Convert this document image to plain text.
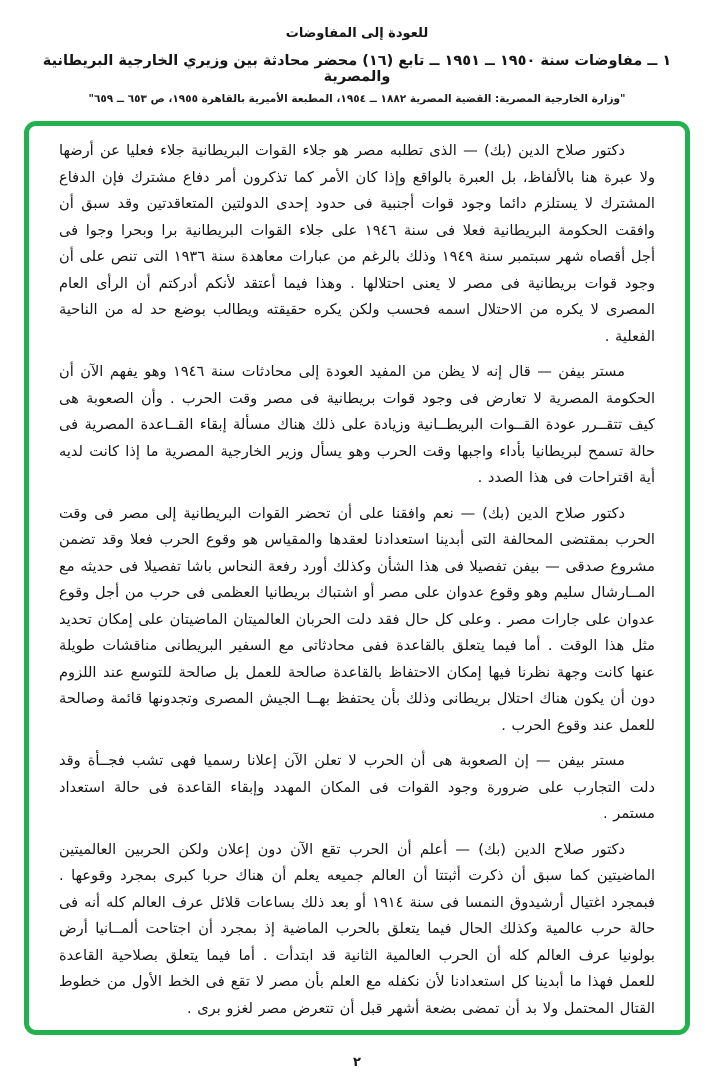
للعودة إلى المفاوضات

١ ــ مفاوضات سنة ١٩٥٠ ــ ١٩٥١ ــ تابع (١٦) محضر محادثة بين وزيري الخارجية البريطانية والمصرية

"وزارة الخارجية المصرية: القضية المصرية ١٨٨٢ ــ ١٩٥٤، المطبعة الأميرية بالقاهرة ١٩٥٥، ص ٦٥٣ ــ ٦٥٩"

دكتور صلاح الدين (بك) — الذى تطلبه مصر هو جلاء القوات البريطانية جلاء فعليا عن أرضها ولا عبرة هنا بالألفاظ، بل العبرة بالواقع وإذا كان الأمر كما تذكرون أمر دفاع مشترك فإن الدفاع المشترك لا يستلزم دائما وجود قوات أجنبية فى حدود إحدى الدولتين المتعاقدتين وقد سبق أن وافقت الحكومة البريطانية فعلا فى سنة ١٩٤٦ على جلاء القوات البريطانية برا وبحرا وجوا فى أجل أقصاه شهر سبتمبر سنة ١٩٤٩ وذلك بالرغم من عبارات معاهدة سنة ١٩٣٦ التى تنص على أن وجود قوات بريطانية فى مصر لا يعنى احتلالها . وهذا فيما أعتقد لأنكم أدركتم أن الرأى العام المصرى لا يكره من الاحتلال اسمه فحسب ولكن يكره حقيقته ويطالب بوضع حد له من الناحية الفعلية .

مستر بيفن — قال إنه لا يظن من المفيد العودة إلى محادثات سنة ١٩٤٦ وهو يفهم الآن أن الحكومة المصرية لا تعارض فى وجود قوات بريطانية فى مصر وقت الحرب . وأن الصعوبة هى كيف تتقــرر عودة القــوات البريطــانية وزيادة على ذلك هناك مسألة إبقاء القــاعدة المصرية فى حالة تسمح لبريطانيا بأداء واجبها وقت الحرب وهو يسأل وزير الخارجية المصرية ما إذا كانت لديه أية اقتراحات فى هذا الصدد .

دكتور صلاح الدين (بك) — نعم وافقنا على أن تحضر القوات البريطانية إلى مصر فى وقت الحرب بمقتضى المحالفة التى أبدينا استعدادنا لعقدها والمقياس هو وقوع الحرب فعلا وقد تضمن مشروع صدقى — بيفن تفصيلا فى هذا الشأن وكذلك أورد رفعة النحاس باشا تفصيلا فى حديثه مع المــارشال سليم وهو وقوع عدوان على مصر أو اشتباك بريطانيا العظمى فى حرب من أجل وقوع عدوان على جارات مصر . وعلى كل حال فقد دلت الحربان العالميتان الماضيتان على إمكان تحديد مثل هذا الوقت . أما فيما يتعلق بالقاعدة ففى محادثاتى مع السفير البريطانى مناقشات طويلة عنها كانت وجهة نظرنا فيها إمكان الاحتفاظ بالقاعدة صالحة للعمل بل صالحة للتوسع عند اللزوم دون أن يكون هناك احتلال بريطانى وذلك بأن يحتفظ بهــا الجيش المصرى وتجدونها قائمة وصالحة للعمل عند وقوع الحرب .

مستر بيفن — إن الصعوبة هى أن الحرب لا تعلن الآن إعلانا رسميا فهى تشب فجــأة وقد دلت التجارب على ضرورة وجود القوات فى المكان المهدد وإبقاء القاعدة فى حالة استعداد مستمر .

دكتور صلاح الدين (بك) — أعلم أن الحرب تقع الآن دون إعلان ولكن الحربين العالميتين الماضيتين كما سبق أن ذكرت أثبتتا أن العالم جميعه يعلم أن هناك حربا كبرى بمجرد وقوعها . فبمجرد اغتيال أرشيدوق النمسا فى سنة ١٩١٤ أو بعد ذلك بساعات قلائل عرف العالم كله أنه فى حالة حرب عالمية وكذلك الحال فيما يتعلق بالحرب الماضية إذ بمجرد أن اجتاحت ألمــانيا أرض بولونيا عرف العالم كله أن الحرب العالمية الثانية قد ابتدأت . أما فيما يتعلق بصلاحية القاعدة للعمل فهذا ما أبدينا كل استعدادنا لأن نكفله مع العلم بأن مصر لا تقع فى الخط الأول من خطوط القتال المحتمل ولا بد أن تمضى بضعة أشهر قبل أن تتعرض مصر لغزو برى .

٢
